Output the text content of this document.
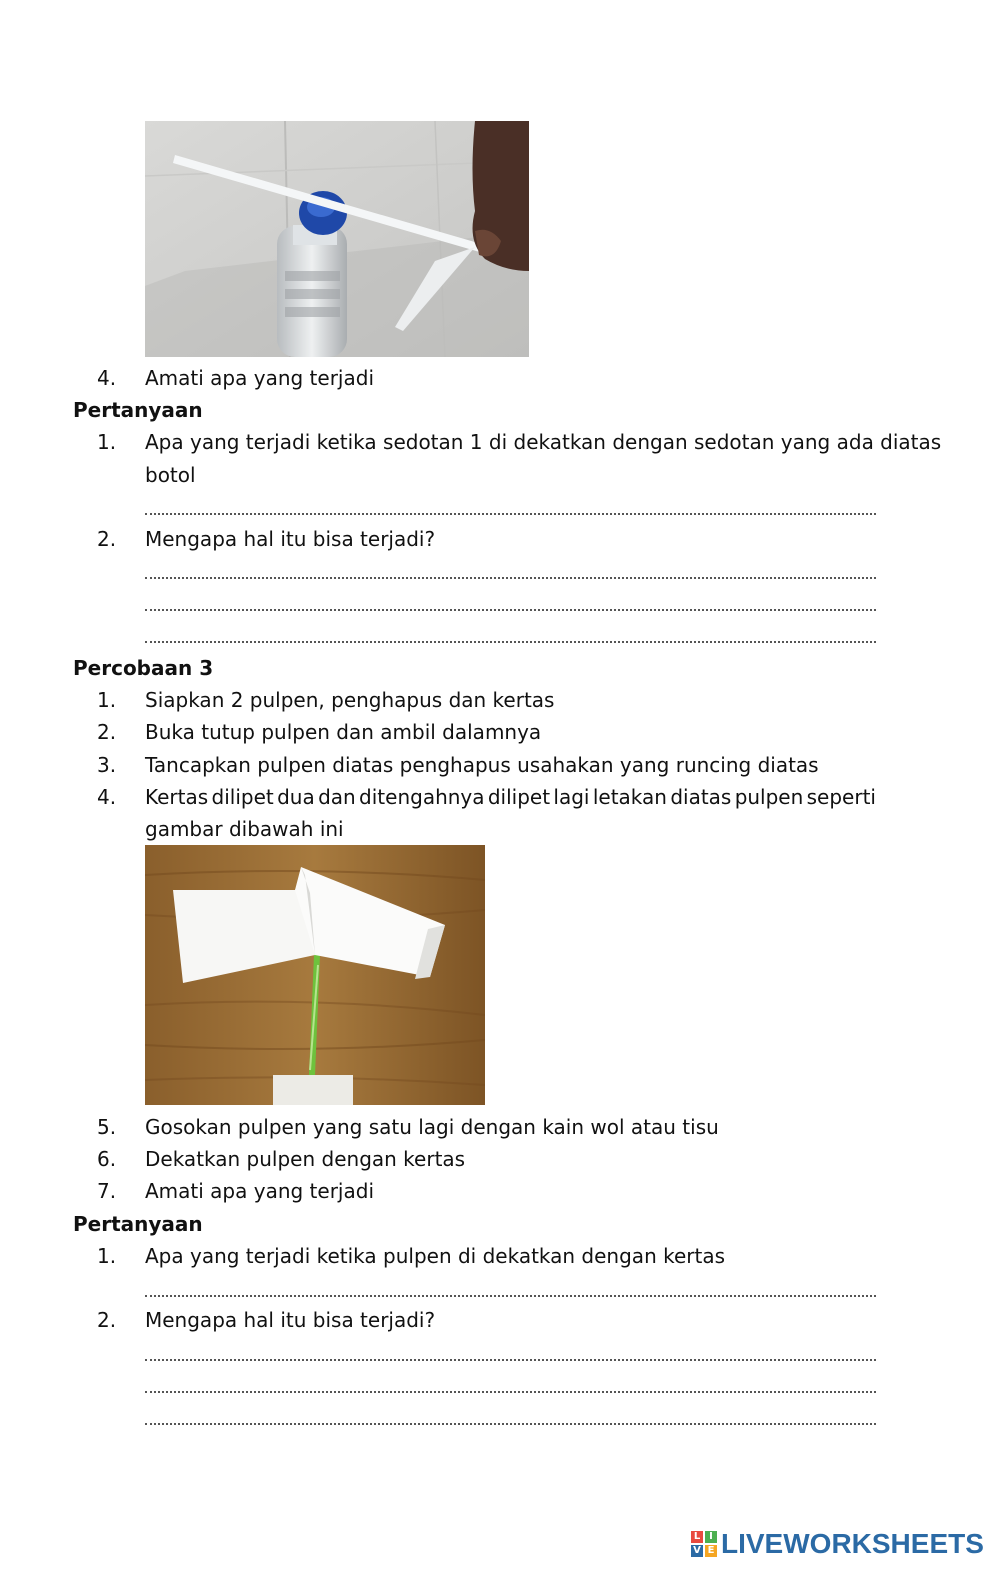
4. Amati apa yang terjadi
Pertanyaan
1. Apa yang terjadi ketika sedotan 1 di dekatkan dengan sedotan yang ada diatas
botol
2. Mengapa hal itu bisa terjadi?
Percobaan 3
1. Siapkan 2 pulpen, penghapus dan kertas
2. Buka tutup pulpen dan ambil dalamnya
3. Tancapkan pulpen diatas penghapus usahakan yang runcing diatas
4. Kertas dilipet dua dan ditengahnya dilipet lagi letakan diatas pulpen seperti
gambar dibawah ini
5. Gosokan pulpen yang satu lagi dengan kain wol atau tisu
6. Dekatkan pulpen dengan kertas
7. Amati apa yang terjadi
Pertanyaan
1. Apa yang terjadi ketika pulpen di dekatkan dengan kertas
2. Mengapa hal itu bisa terjadi?
L I
V E LIVEWORKSHEETS
